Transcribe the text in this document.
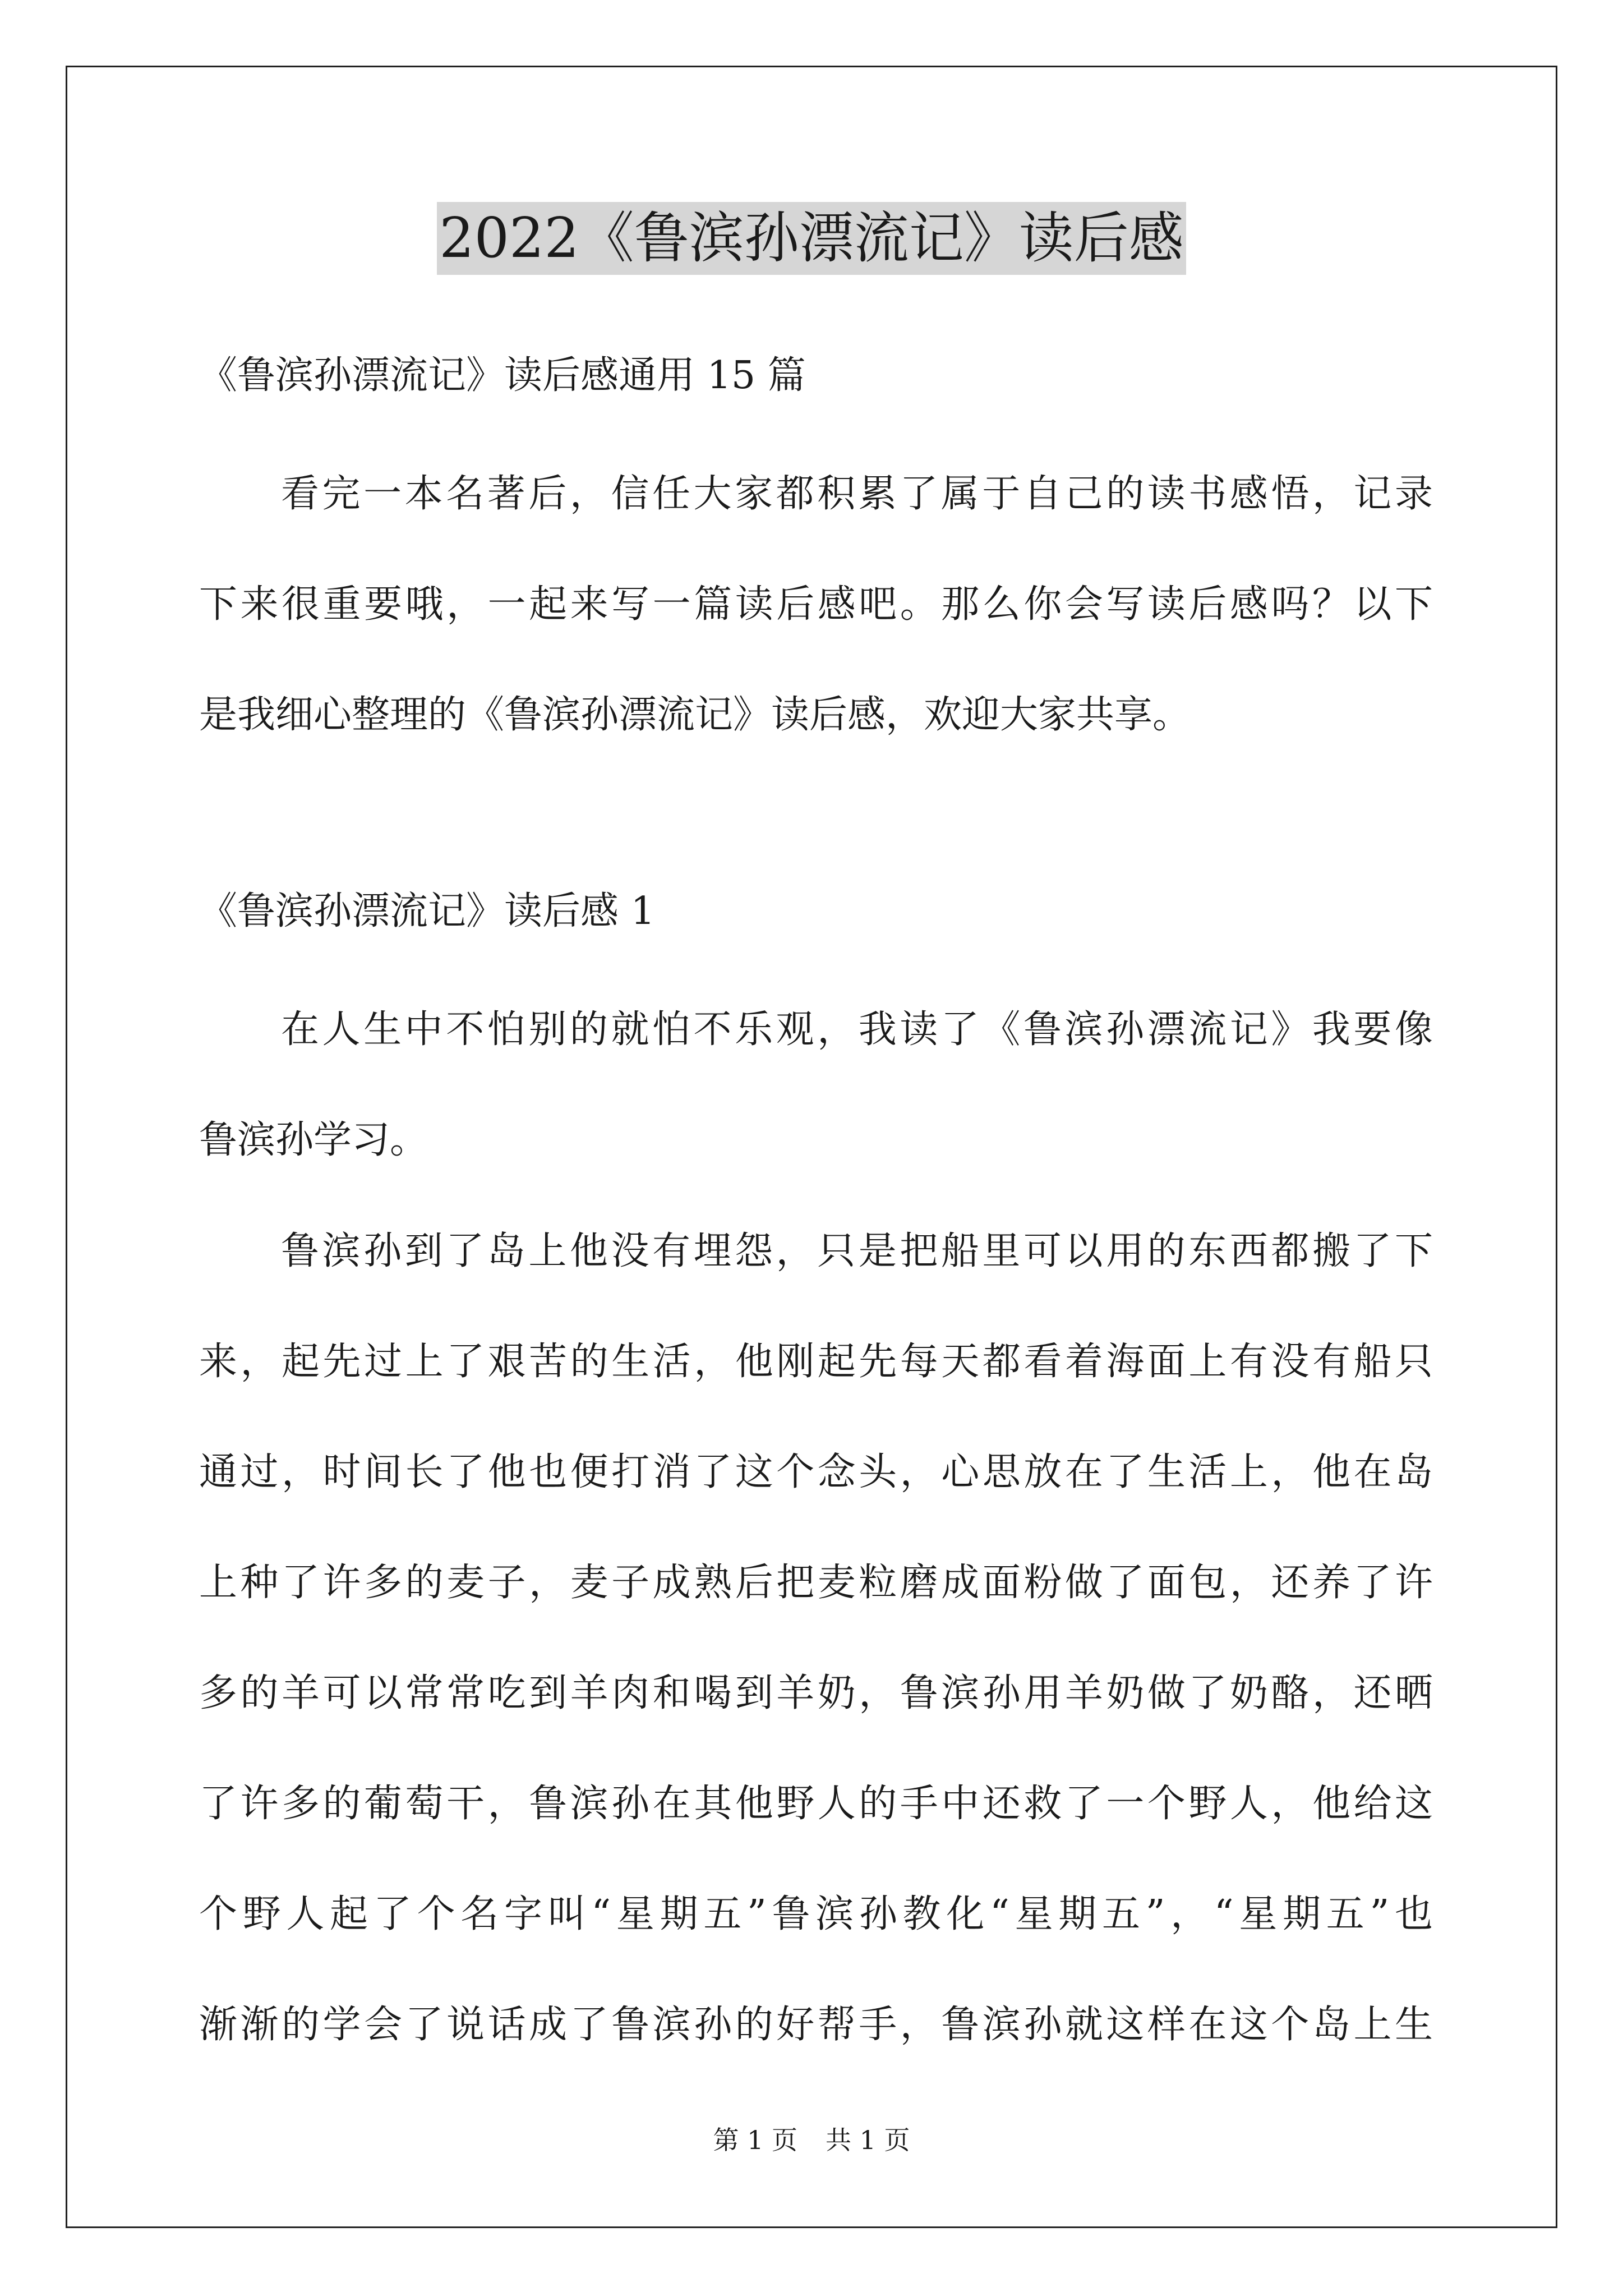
2022《鲁滨孙漂流记》读后感
《鲁滨孙漂流记》读后感通用 15 篇
看完一本名著后，信任大家都积累了属于自己的读书感悟，记录
下来很重要哦，一起来写一篇读后感吧。那么你会写读后感吗？以下
是我细心整理的《鲁滨孙漂流记》读后感，欢迎大家共享。
《鲁滨孙漂流记》读后感 1
在人生中不怕别的就怕不乐观，我读了《鲁滨孙漂流记》我要像
鲁滨孙学习。
鲁滨孙到了岛上他没有埋怨，只是把船里可以用的东西都搬了下
来，起先过上了艰苦的生活，他刚起先每天都看着海面上有没有船只
通过，时间长了他也便打消了这个念头，心思放在了生活上，他在岛
上种了许多的麦子，麦子成熟后把麦粒磨成面粉做了面包，还养了许
多的羊可以常常吃到羊肉和喝到羊奶，鲁滨孙用羊奶做了奶酪，还晒
了许多的葡萄干，鲁滨孙在其他野人的手中还救了一个野人，他给这
个野人起了个名字叫“星期五”鲁滨孙教化“星期五”，“星期五”也
渐渐的学会了说话成了鲁滨孙的好帮手，鲁滨孙就这样在这个岛上生
第 1 页 共 1 页
